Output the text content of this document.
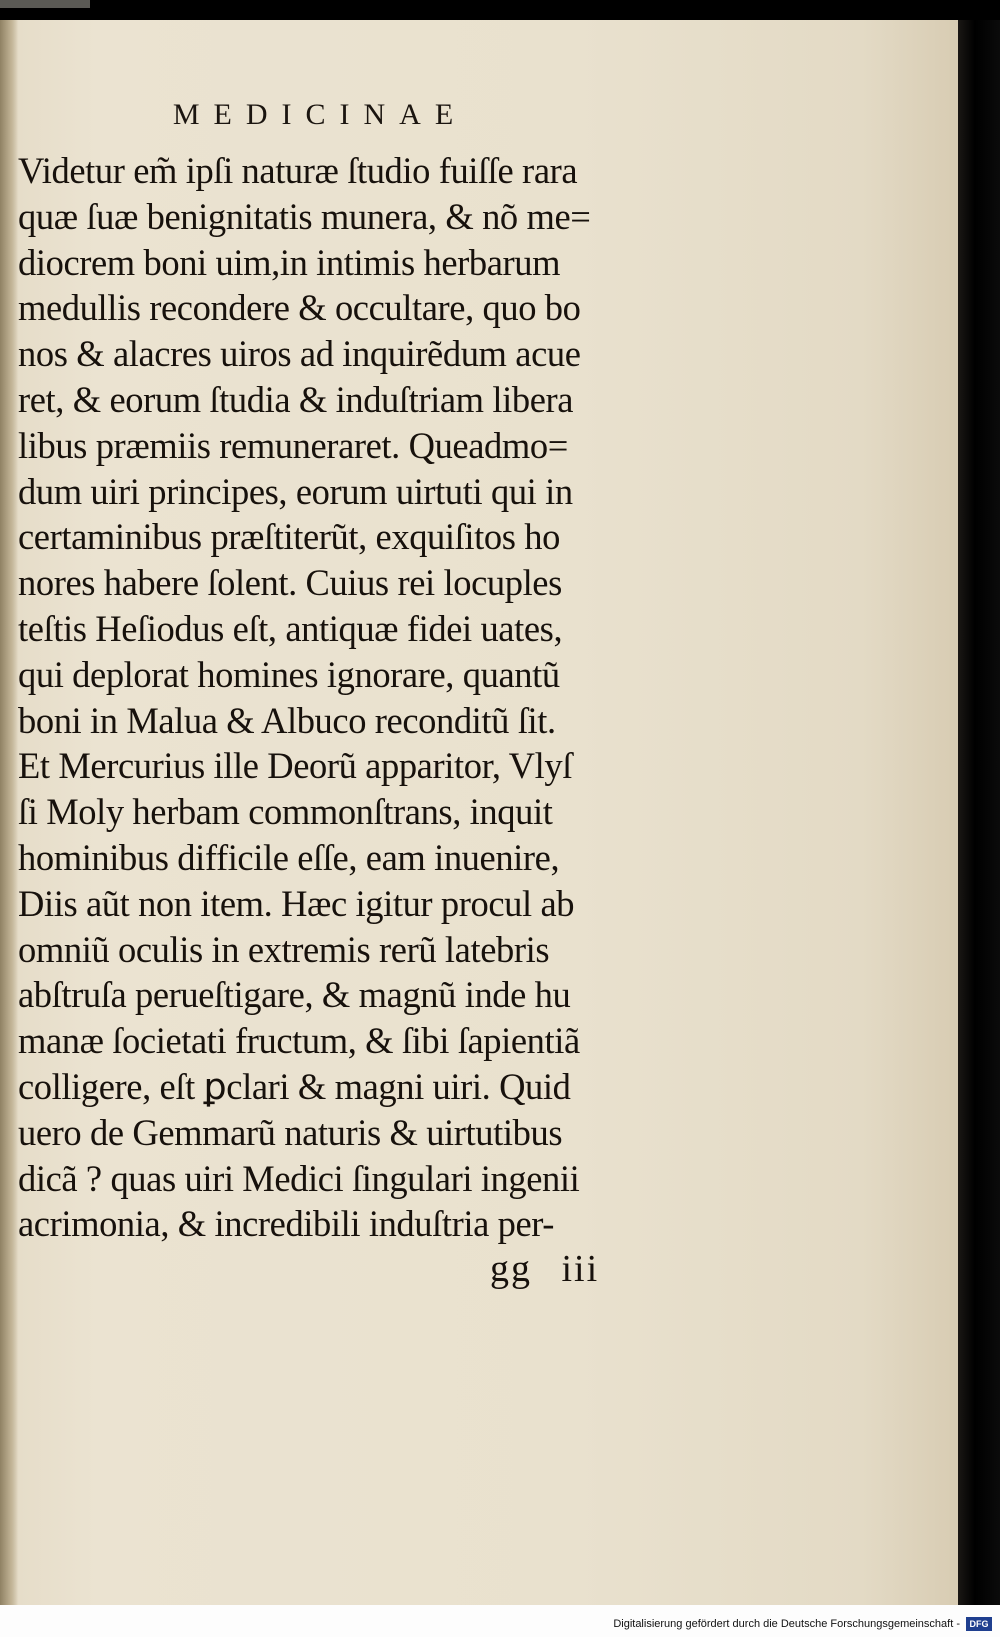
MEDICINAE
Videtur em̃ ipſi naturæ ſtudio fuiſſe rara
quæ ſuæ benignitatis munera, & nõ me=
diocrem boni uim,in intimis herbarum
medullis recondere & occultare, quo bo
nos & alacres uiros ad inquirẽdum acue
ret, & eorum ſtudia & induſtriam libera
libus præmiis remuneraret. Queadmo=
dum uiri principes, eorum uirtuti qui in
certaminibus præſtiterũt, exquiſitos ho
nores habere ſolent. Cuius rei locuples
teſtis Heſiodus eſt, antiquæ fidei uates,
qui deplorat homines ignorare, quantũ
boni in Malua & Albuco reconditũ ſit.
Et Mercurius ille Deorũ apparitor, Vlyſ
ſi Moly herbam commonſtrans, inquit
hominibus difficile eſſe, eam inuenire,
Diis aũt non item. Hæc igitur procul ab
omniũ oculis in extremis rerũ latebris
abſtruſa perueſtigare, & magnũ inde hu
manæ ſocietati fructum, & ſibi ſapientiã
colligere, eſt ꝑclari & magni uiri. Quid
uero de Gemmarũ naturis & uirtutibus
dicã ? quas uiri Medici ſingulari ingenii
acrimonia, & incredibili induſtria per-
gg iii
Digitalisierung gefördert durch die Deutsche Forschungsgemeinschaft -	DFG
